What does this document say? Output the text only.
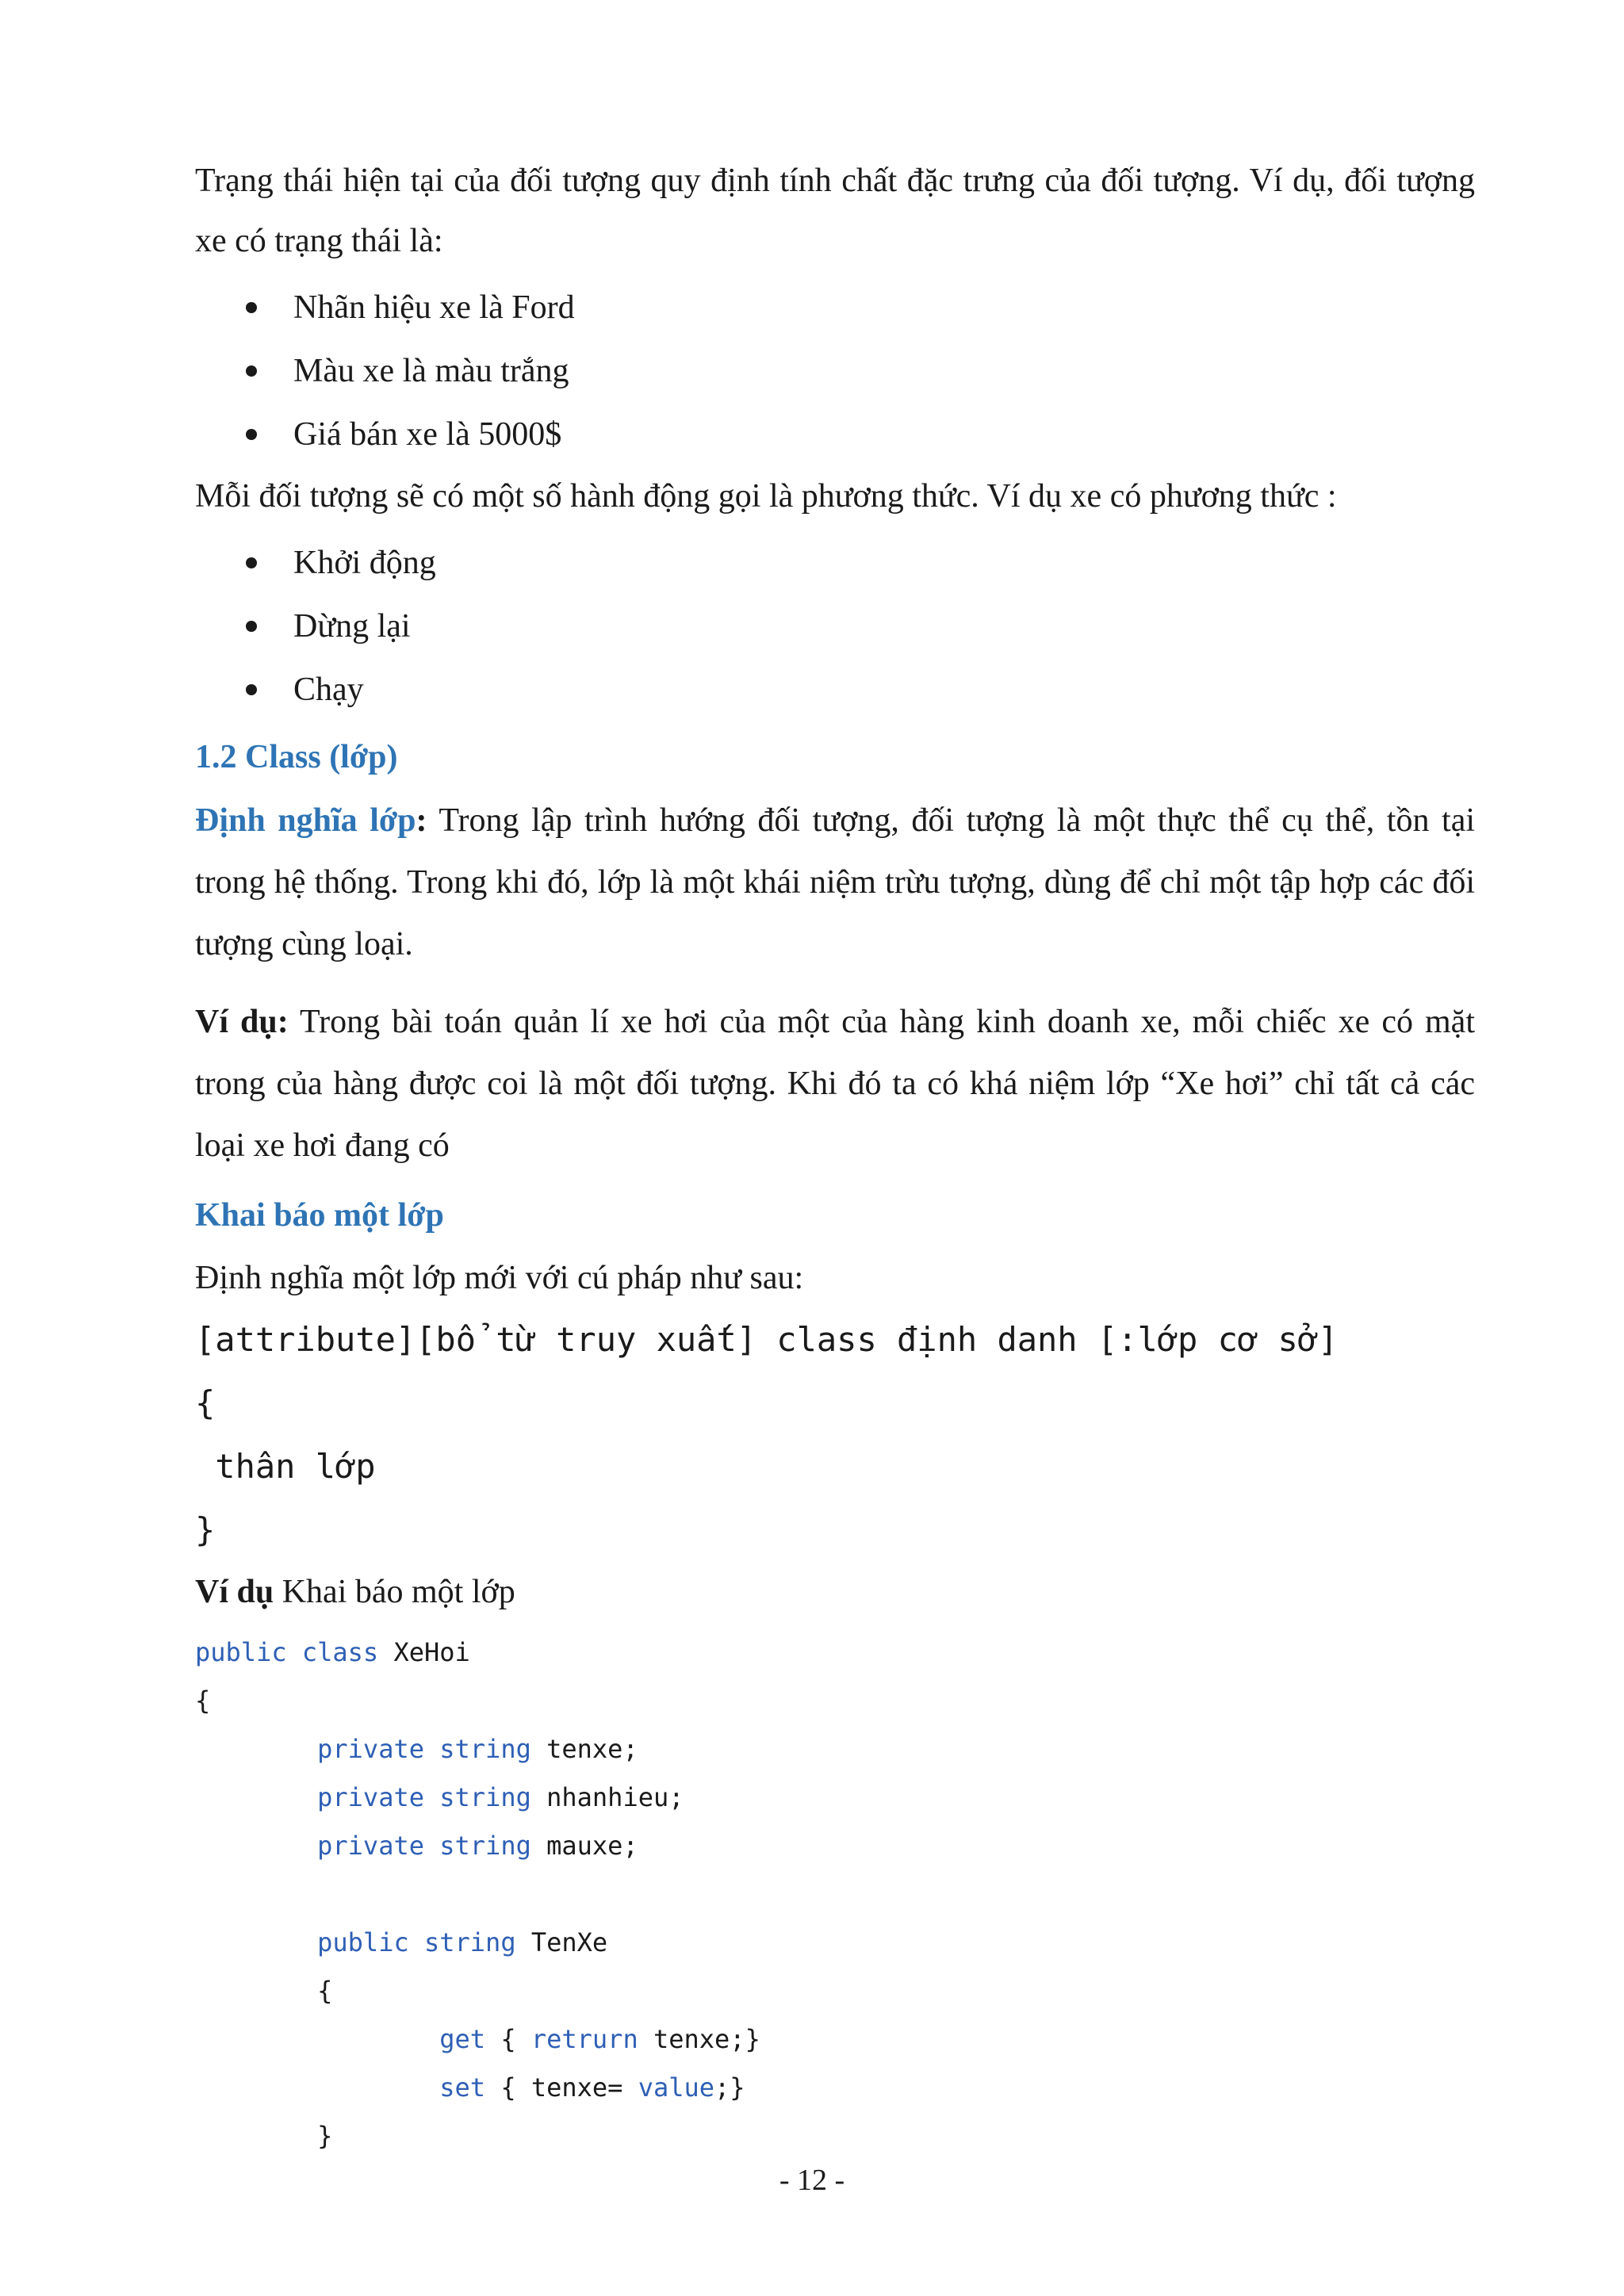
Trạng thái hiện tại của đối tượng quy định tính chất đặc trưng của đối tượng. Ví dụ, đối tượng xe có trạng thái là:

Nhãn hiệu xe là Ford
Màu xe là màu trắng
Giá bán xe là 5000$

Mỗi đối tượng sẽ có một số hành động gọi là phương thức. Ví dụ xe có phương thức :

Khởi động
Dừng lại
Chạy
1.2 Class (lớp)

Định nghĩa lớp: Trong lập trình hướng đối tượng, đối tượng là một thực thể cụ thể, tồn tại trong hệ thống. Trong khi đó, lớp là một khái niệm trừu tượng, dùng để chỉ một tập hợp các đối tượng cùng loại.

Ví dụ: Trong bài toán quản lí xe hơi của một của hàng kinh doanh xe, mỗi chiếc xe có mặt trong của hàng được coi là một đối tượng. Khi đó ta có khá niệm lớp “Xe hơi” chỉ tất cả các loại xe hơi đang có

Khai báo một lớp

Định nghĩa một lớp mới với cú pháp như sau:

[attribute][bổ từ truy xuất] class định danh [:lớp cơ sở]
{
thân lớp
}

Ví dụ Khai báo một lớp

public class XeHoi
{
private string tenxe;
private string nhanhieu;
private string mauxe;

public string TenXe
{
get { retrurn tenxe;}
set { tenxe= value;}
}
- 12 -
